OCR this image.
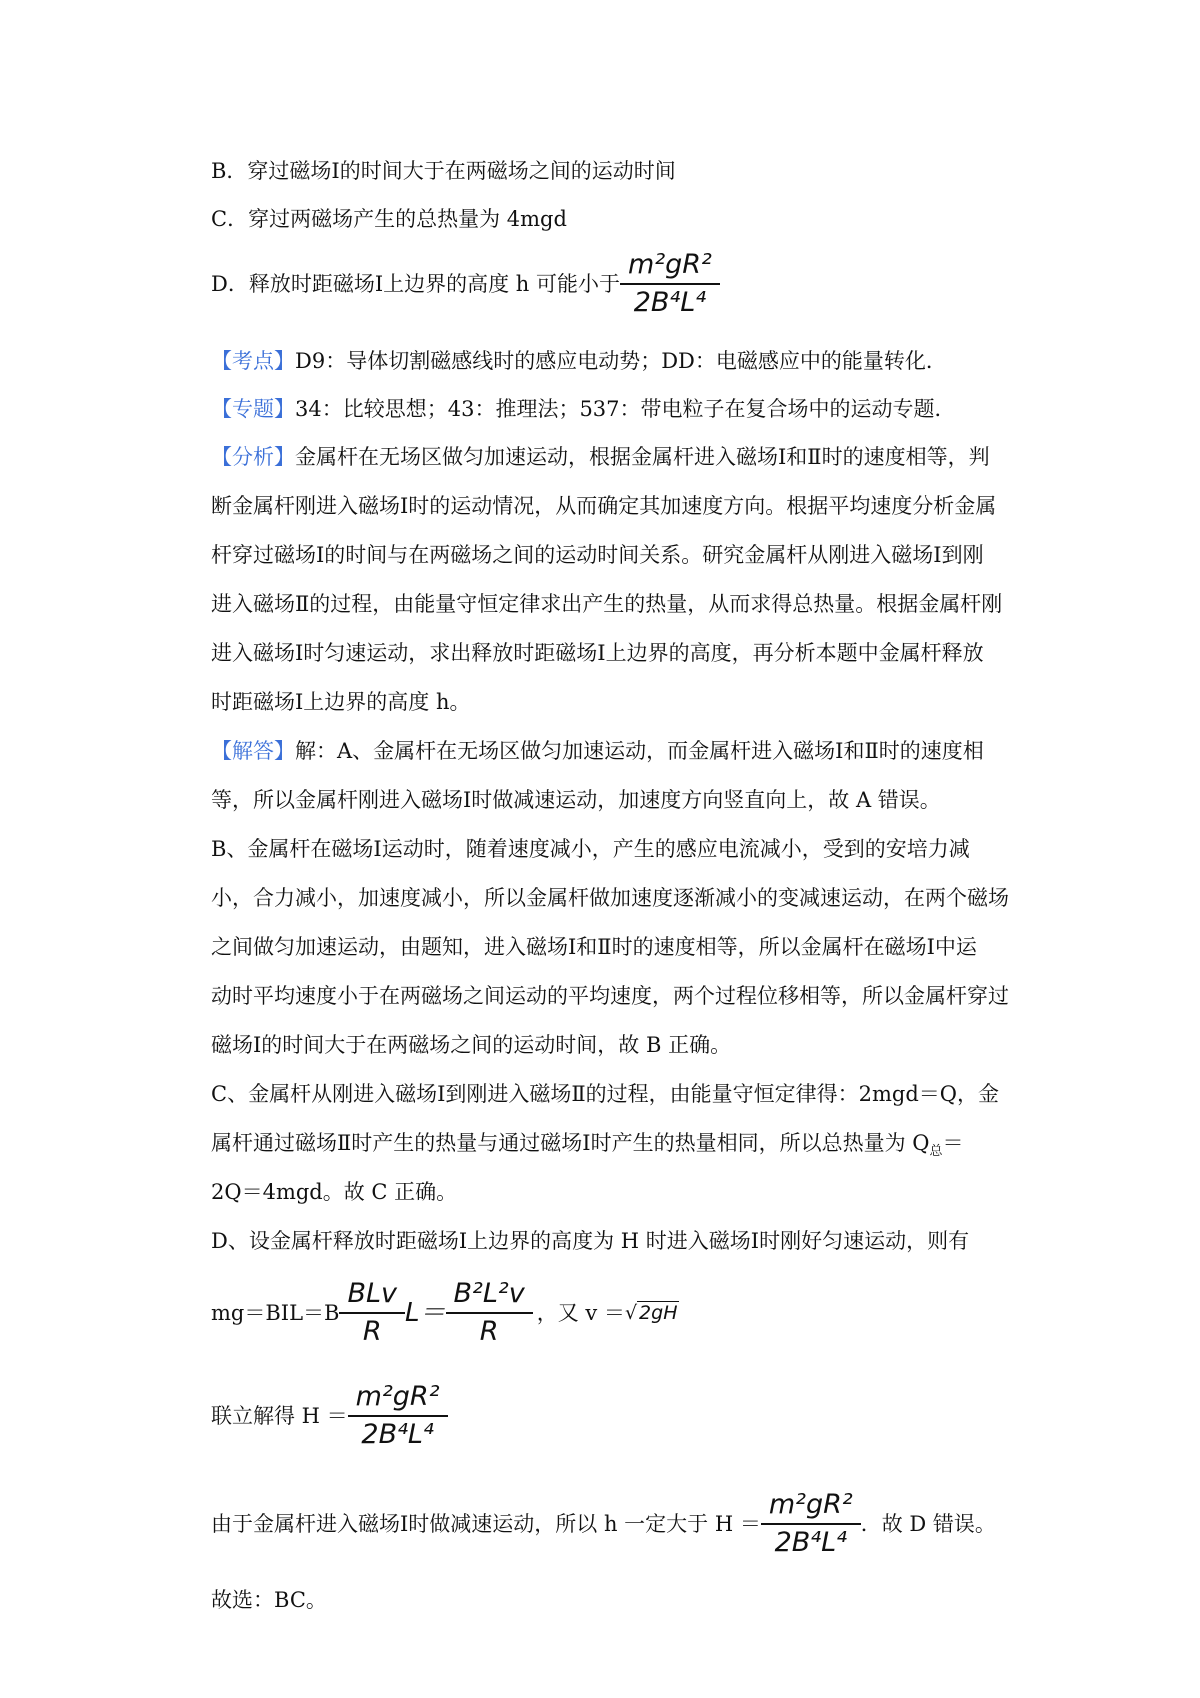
B．穿过磁场Ⅰ的时间大于在两磁场之间的运动时间
C．穿过两磁场产生的总热量为 4mgd
D．释放时距磁场Ⅰ上边界的高度 h 可能小于 $\frac{\text{m²gR²}}{\text{2B⁴L⁴}}$
【考点】D9：导体切割磁感线时的感应电动势；DD：电磁感应中的能量转化．
【专题】34：比较思想；43：推理法；537：带电粒子在复合场中的运动专题．
【分析】金属杆在无场区做匀加速运动，根据金属杆进入磁场Ⅰ和Ⅱ时的速度相等，判
断金属杆刚进入磁场Ⅰ时的运动情况，从而确定其加速度方向。根据平均速度分析金属
杆穿过磁场Ⅰ的时间与在两磁场之间的运动时间关系。研究金属杆从刚进入磁场Ⅰ到刚
进入磁场Ⅱ的过程，由能量守恒定律求出产生的热量，从而求得总热量。根据金属杆刚
进入磁场Ⅰ时匀速运动，求出释放时距磁场Ⅰ上边界的高度，再分析本题中金属杆释放
时距磁场Ⅰ上边界的高度 h。
【解答】解：A、金属杆在无场区做匀加速运动，而金属杆进入磁场Ⅰ和Ⅱ时的速度相
等，所以金属杆刚进入磁场Ⅰ时做减速运动，加速度方向竖直向上，故 A 错误。
B、金属杆在磁场Ⅰ运动时，随着速度减小，产生的感应电流减小，受到的安培力减
小，合力减小，加速度减小，所以金属杆做加速度逐渐减小的变减速运动，在两个磁场
之间做匀加速运动，由题知，进入磁场Ⅰ和Ⅱ时的速度相等，所以金属杆在磁场Ⅰ中运
动时平均速度小于在两磁场之间运动的平均速度，两个过程位移相等，所以金属杆穿过
磁场Ⅰ的时间大于在两磁场之间的运动时间，故 B 正确。
C、金属杆从刚进入磁场Ⅰ到刚进入磁场Ⅱ的过程，由能量守恒定律得：2mgd＝Q，金
属杆通过磁场Ⅱ时产生的热量与通过磁场Ⅰ时产生的热量相同，所以总热量为 $Q_总=$
2Q＝4mgd。故 C 正确。
D、设金属杆释放时距磁场Ⅰ上边界的高度为 H 时进入磁场Ⅰ时刚好匀速运动，则有
$mg=BIL=B \frac{\text{BLv}}{R} L= \frac{\text{B²L²v}}{R}$ ，又 v ＝ √ 2gH
联立解得 $H = \frac{\text{m²gR²}}{\text{2B⁴L⁴}}$
由于金属杆进入磁场Ⅰ时做减速运动，所以 h 一定大于 $H = \frac{\text{m²gR²}}{\text{2B⁴L⁴}}$ ．故 D 错误。
故选：BC。
